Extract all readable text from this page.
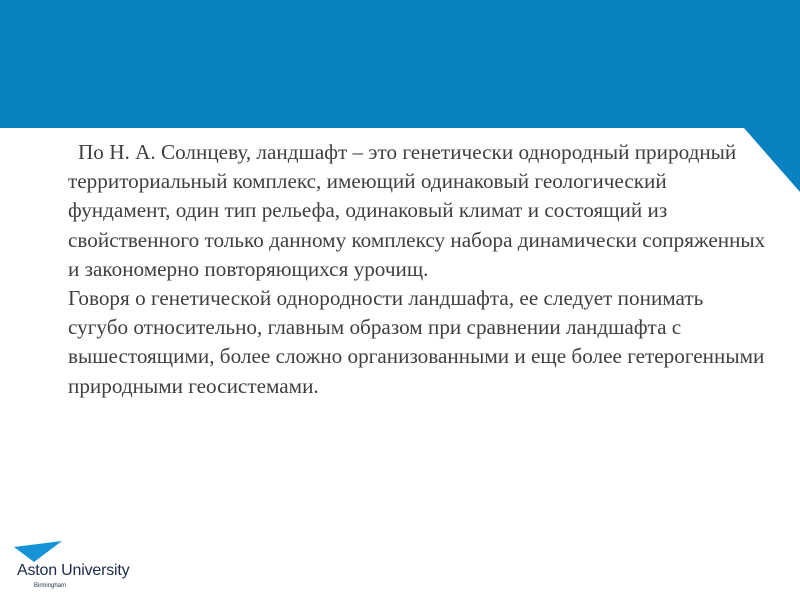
По Н. А. Солнцеву, ландшафт – это генетически однородный природный территориальный комплекс, имеющий одинаковый геологический фундамент, один тип рельефа, одинаковый климат и состоящий из свойственного только данному комплексу набора динамически сопряженных и закономерно повторяющихся урочищ.

Говоря о генетической однородности ландшафта, ее следует понимать сугубо относительно, главным образом при сравнении ландшафта с вышестоящими, более сложно организованными и еще более гетерогенными природными геосистемами.

Aston University
Birmingham
